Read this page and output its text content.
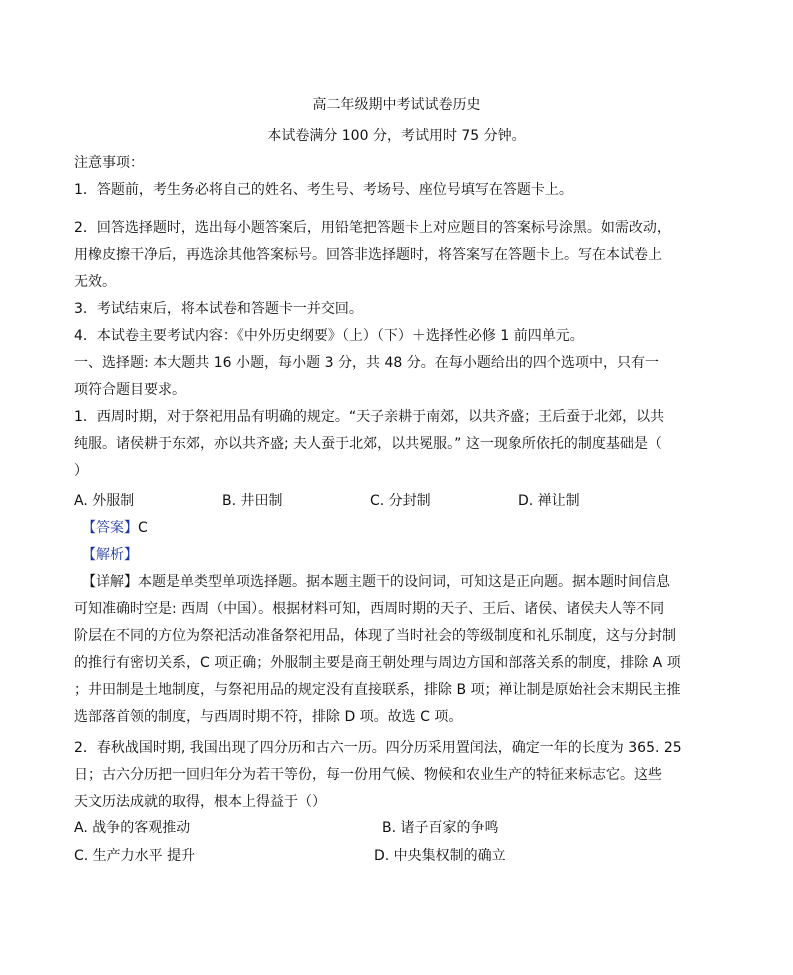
高二年级期中考试试卷历史
本试卷满分 100 分，考试用时 75 分钟。
注意事项：
1．答题前，考生务必将自己的姓名、考生号、考场号、座位号填写在答题卡上。
2．回答选择题时，选出每小题答案后，用铅笔把答题卡上对应题目的答案标号涂黑。如需改动，
用橡皮擦干净后，再选涂其他答案标号。回答非选择题时，将答案写在答题卡上。写在本试卷上
无效。
3．考试结束后，将本试卷和答题卡一并交回。
4．本试卷主要考试内容：《中外历史纲要》（上）（下）＋选择性必修 1 前四单元。
一、选择题: 本大题共 16 小题，每小题 3 分，共 48 分。在每小题给出的四个选项中，只有一
项符合题目要求。
1．西周时期，对于祭祀用品有明确的规定。“天子亲耕于南郊，以共齐盛；王后蚕于北郊，以共
纯服。诸侯耕于东郊，亦以共齐盛; 夫人蚕于北郊，以共冕服。” 这一现象所依托的制度基础是（
）
A. 外服制	B. 井田制	C. 分封制	D. 禅让制
【答案】C
【解析】
【详解】本题是单类型单项选择题。据本题主题干的设问词，可知这是正向题。据本题时间信息
可知准确时空是: 西周（中国）。根据材料可知，西周时期的天子、王后、诸侯、诸侯夫人等不同
阶层在不同的方位为祭祀活动准备祭祀用品，体现了当时社会的等级制度和礼乐制度，这与分封制
的推行有密切关系，C 项正确；外服制主要是商王朝处理与周边方国和部落关系的制度，排除 A 项
；井田制是土地制度，与祭祀用品的规定没有直接联系，排除 B 项；禅让制是原始社会末期民主推
选部落首领的制度，与西周时期不符，排除 D 项。故选 C 项。
2．春秋战国时期, 我国出现了四分历和古六一历。四分历采用置闰法，确定一年的长度为 365. 25
日；古六分历把一回归年分为若干等份，每一份用气候、物候和农业生产的特征来标志它。这些
天文历法成就的取得，根本上得益于（）
A. 战争的客观推动	B. 诸子百家的争鸣
C. 生产力水平 提升	D. 中央集权制的确立
